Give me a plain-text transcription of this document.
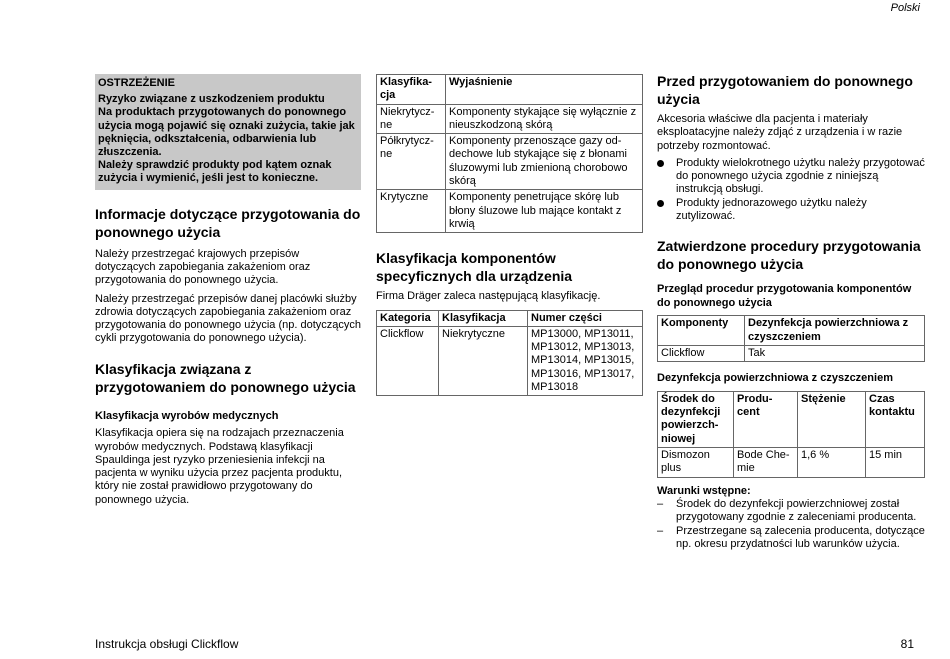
Polski
OSTRZEŻENIE
Ryzyko związane z uszkodzeniem produktu
Na produktach przygotowanych do ponownego użycia mogą pojawić się oznaki zużycia, takie jak pęknięcia, odkształcenia, odbarwienia lub złuszczenia.
Należy sprawdzić produkty pod kątem oznak zużycia i wymienić, jeśli jest to konieczne.
Informacje dotyczące przygotowania do ponownego użycia

Należy przestrzegać krajowych przepisów dotyczących zapobiegania zakażeniom oraz przygotowania do ponownego użycia.

Należy przestrzegać przepisów danej placówki służby zdrowia dotyczących zapobiegania zakażeniom oraz przygotowania do ponownego użycia (np. dotyczących cykli przygotowania do ponownego użycia).

Klasyfikacja związana z przygotowaniem do ponownego użycia
Klasyfikacja wyrobów medycznych

Klasyfikacja opiera się na rodzajach przeznaczenia wyrobów medycznych. Podstawą klasyfikacji Spauldinga jest ryzyko przeniesienia infekcji na pacjenta w wyniku użycia przez pacjenta produktu, który nie został prawidłowo przygotowany do ponownego użycia.

Klasyfika-cja	Wyjaśnienie
Niekrytycz-ne	Komponenty stykające się wyłącznie z nieuszkodzoną skórą
Półkrytycz-ne	Komponenty przenoszące gazy od-dechowe lub stykające się z błonami śluzowymi lub zmienioną chorobowo skórą
Krytyczne	Komponenty penetrujące skórę lub błony śluzowe lub mające kontakt z krwią
Klasyfikacja komponentów specyficznych dla urządzenia

Firma Dräger zaleca następującą klasyfikację.

Kategoria	Klasyfikacja	Numer części
Clickflow	Niekrytyczne	MP13000, MP13011, MP13012, MP13013, MP13014, MP13015, MP13016, MP13017, MP13018
Przed przygotowaniem do ponownego użycia

Akcesoria właściwe dla pacjenta i materiały eksploatacyjne należy zdjąć z urządzenia i w razie potrzeby rozmontować.

Produkty wielokrotnego użytku należy przygotować do ponownego użycia zgodnie z niniejszą instrukcją obsługi.
Produkty jednorazowego użytku należy zutylizować.
Zatwierdzone procedury przygotowania do ponownego użycia
Przegląd procedur przygotowania komponentów do ponownego użycia
Komponenty	Dezynfekcja powierzchniowa z czyszczeniem
Clickflow	Tak
Dezynfekcja powierzchniowa z czyszczeniem
Środek do dezynfekcji powierzch-niowej	Produ-cent	Stężenie	Czas kontaktu
Dismozon plus	Bode Che-mie	1,6 %	15 min
Warunki wstępne:
– Środek do dezynfekcji powierzchniowej został przygotowany zgodnie z zaleceniami producenta.
– Przestrzegane są zalecenia producenta, dotyczące np. okresu przydatności lub warunków użycia.
Instrukcja obsługi Clickflow	81
